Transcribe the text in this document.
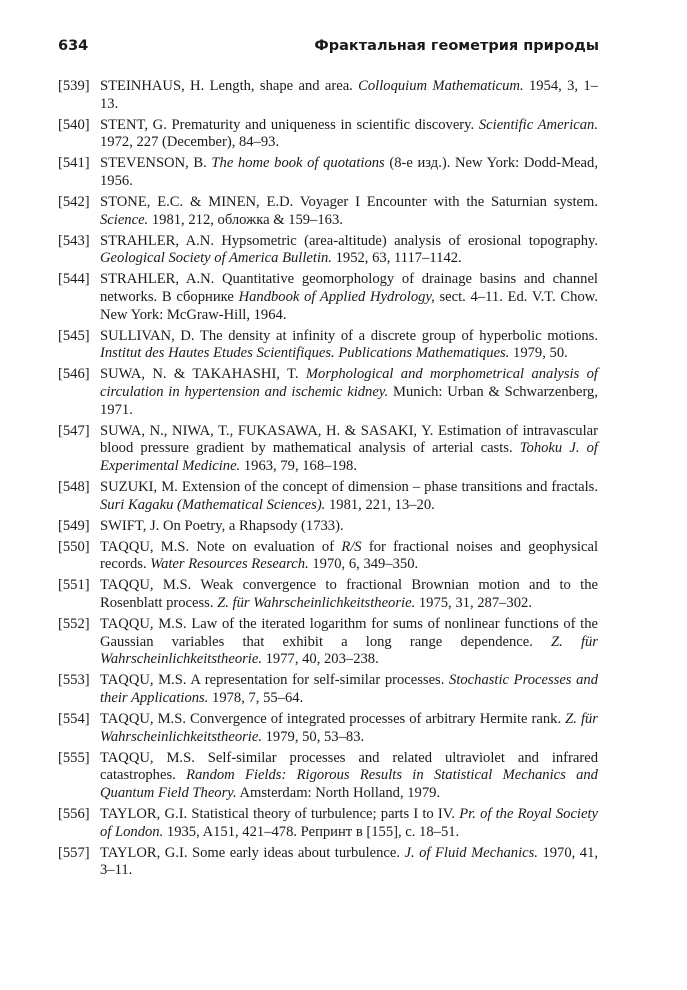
634	Фрактальная геометрия природы
[539] STEINHAUS, H. Length, shape and area. Colloquium Mathematicum. 1954, 3, 1–13.
[540] STENT, G. Prematurity and uniqueness in scientific discovery. Scientific American. 1972, 227 (December), 84–93.
[541] STEVENSON, B. The home book of quotations (8-е изд.). New York: Dodd-Mead, 1956.
[542] STONE, E.C. & MINEN, E.D. Voyager I Encounter with the Saturnian system. Science. 1981, 212, обложка & 159–163.
[543] STRAHLER, A.N. Hypsometric (area-altitude) analysis of erosional topography. Geological Society of America Bulletin. 1952, 63, 1117–1142.
[544] STRAHLER, A.N. Quantitative geomorphology of drainage basins and channel networks. В сборнике Handbook of Applied Hydrology, sect. 4–11. Ed. V.T. Chow. New York: McGraw-Hill, 1964.
[545] SULLIVAN, D. The density at infinity of a discrete group of hyperbolic motions. Institut des Hautes Etudes Scientifiques. Publications Mathematiques. 1979, 50.
[546] SUWA, N. & TAKAHASHI, T. Morphological and morphometrical analysis of circulation in hypertension and ischemic kidney. Munich: Urban & Schwarzenberg, 1971.
[547] SUWA, N., NIWA, T., FUKASAWA, H. & SASAKI, Y. Estimation of intravascular blood pressure gradient by mathematical analysis of arterial casts. Tohoku J. of Experimental Medicine. 1963, 79, 168–198.
[548] SUZUKI, M. Extension of the concept of dimension – phase transitions and fractals. Suri Kagaku (Mathematical Sciences). 1981, 221, 13–20.
[549] SWIFT, J. On Poetry, a Rhapsody (1733).
[550] TAQQU, M.S. Note on evaluation of R/S for fractional noises and geophysical records. Water Resources Research. 1970, 6, 349–350.
[551] TAQQU, M.S. Weak convergence to fractional Brownian motion and to the Rosenblatt process. Z. für Wahrscheinlichkeitstheorie. 1975, 31, 287–302.
[552] TAQQU, M.S. Law of the iterated logarithm for sums of nonlinear functions of the Gaussian variables that exhibit a long range dependence. Z. für Wahrscheinlichkeitstheorie. 1977, 40, 203–238.
[553] TAQQU, M.S. A representation for self-similar processes. Stochastic Processes and their Applications. 1978, 7, 55–64.
[554] TAQQU, M.S. Convergence of integrated processes of arbitrary Hermite rank. Z. für Wahrscheinlichkeitstheorie. 1979, 50, 53–83.
[555] TAQQU, M.S. Self-similar processes and related ultraviolet and infrared catastrophes. Random Fields: Rigorous Results in Statistical Mechanics and Quantum Field Theory. Amsterdam: North Holland, 1979.
[556] TAYLOR, G.I. Statistical theory of turbulence; parts I to IV. Pr. of the Royal Society of London. 1935, A151, 421–478. Репринт в [155], с. 18–51.
[557] TAYLOR, G.I. Some early ideas about turbulence. J. of Fluid Mechanics. 1970, 41, 3–11.
